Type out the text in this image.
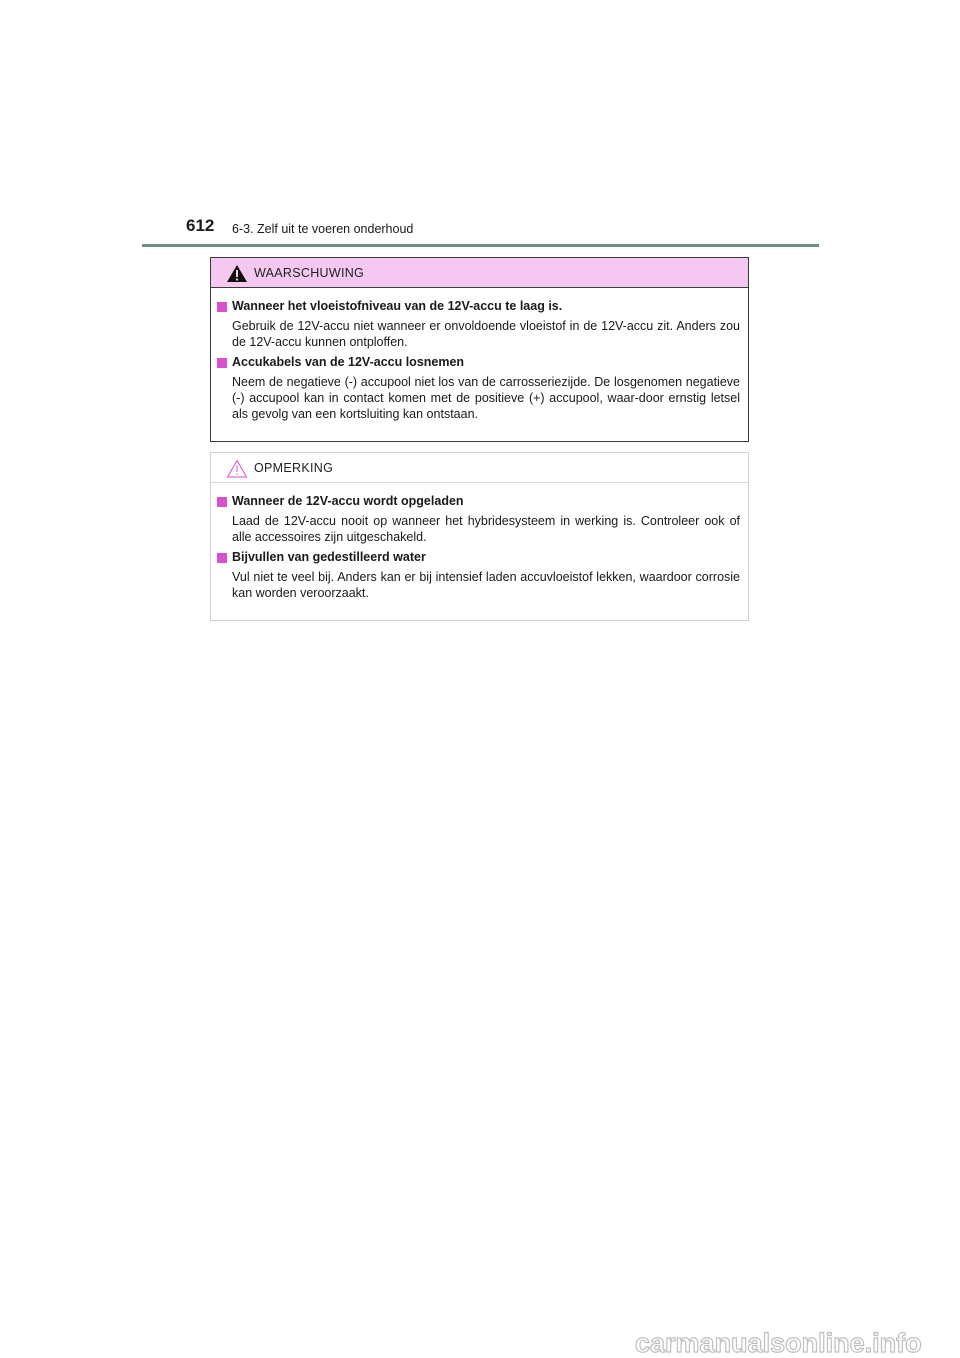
612 6-3. Zelf uit te voeren onderhoud
WAARSCHUWING
Wanneer het vloeistofniveau van de 12V-accu te laag is.
Gebruik de 12V-accu niet wanneer er onvoldoende vloeistof in de 12V-accu zit. Anders zou de 12V-accu kunnen ontploffen.
Accukabels van de 12V-accu losnemen
Neem de negatieve (-) accupool niet los van de carrosseriezijde. De losgenomen negatieve (-) accupool kan in contact komen met de positieve (+) accupool, waar-door ernstig letsel als gevolg van een kortsluiting kan ontstaan.
OPMERKING
Wanneer de 12V-accu wordt opgeladen
Laad de 12V-accu nooit op wanneer het hybridesysteem in werking is. Controleer ook of alle accessoires zijn uitgeschakeld.
Bijvullen van gedestilleerd water
Vul niet te veel bij. Anders kan er bij intensief laden accuvloeistof lekken, waardoor corrosie kan worden veroorzaakt.
carmanualsonline.info
